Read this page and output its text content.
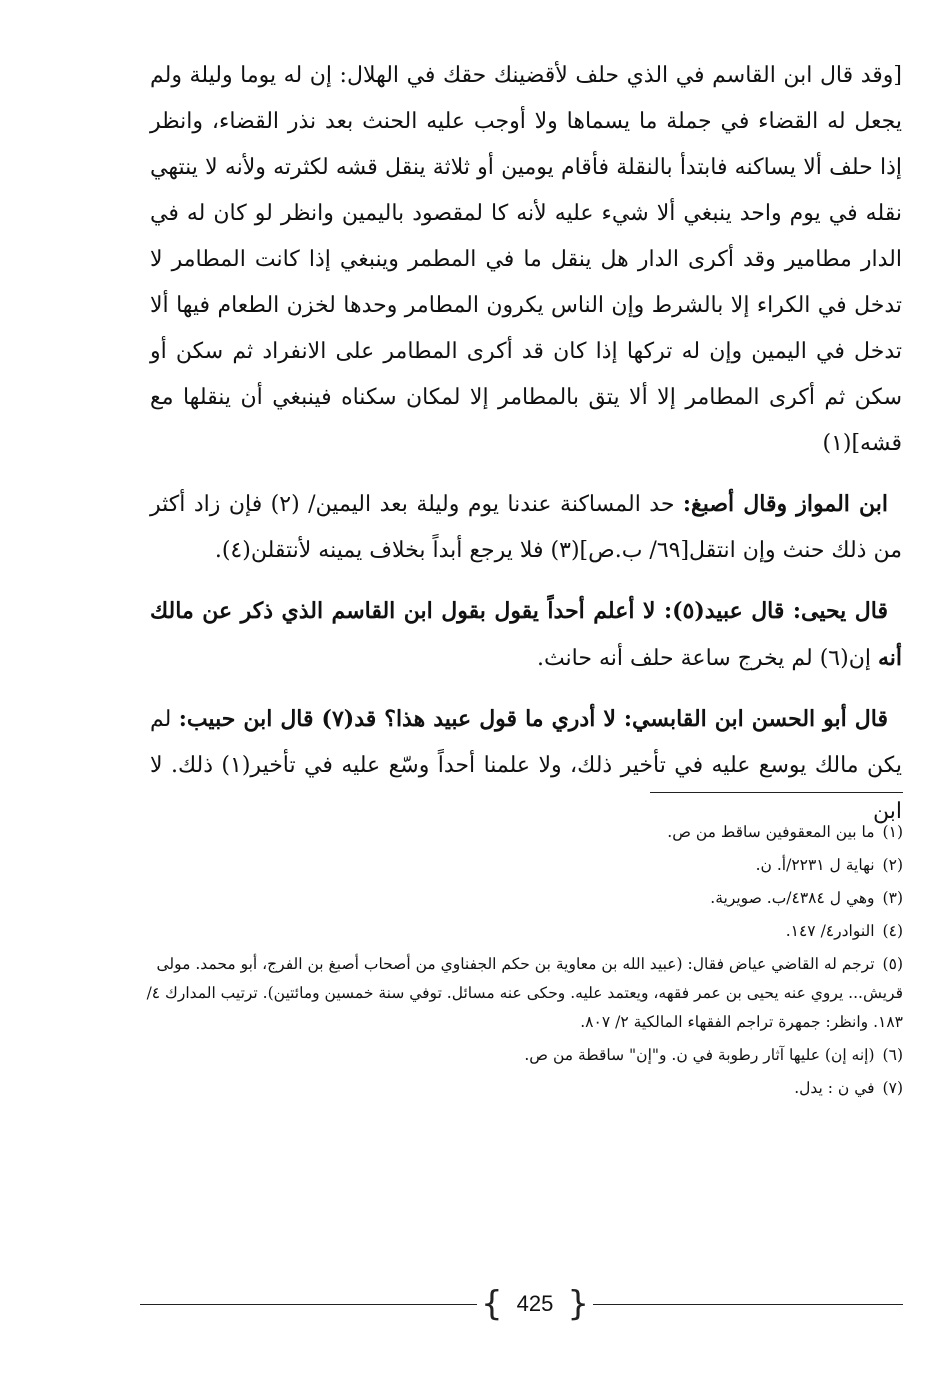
[وقد قال ابن القاسم في الذي حلف لأقضينك حقك في الهلال: إن له يوما وليلة ولم يجعل له القضاء في جملة ما يسماها ولا أوجب عليه الحنث بعد نذر القضاء، وانظر إذا حلف ألا يساكنه فابتدأ بالنقلة فأقام يومين أو ثلاثة ينقل قشه لكثرته ولأنه لا ينتهي نقله في يوم واحد ينبغي ألا شيء عليه لأنه كا لمقصود باليمين وانظر لو كان له في الدار مطامير وقد أكرى الدار هل ينقل ما في المطمر وينبغي إذا كانت المطامر لا تدخل في الكراء إلا بالشرط وإن الناس يكرون المطامر وحدها لخزن الطعام فيها ألا تدخل في اليمين وإن له تركها إذا كان قد أكرى المطامر على الانفراد ثم سكن أو سكن ثم أكرى المطامر إلا ألا يتق بالمطامر إلا لمكان سكناه فينبغي أن ينقلها مع قشه](١)

ابن المواز وقال أصبغ: حد المساكنة عندنا يوم وليلة بعد اليمين/ (٢) فإن زاد أكثر من ذلك حنث وإن انتقل[٦٩/ ب.ص](٣) فلا يرجع أبداً بخلاف يمينه لأنتقلن(٤).

قال يحيى: قال عبيد(٥): لا أعلم أحداً يقول بقول ابن القاسم الذي ذكر عن مالك أنه إن(٦) لم يخرج ساعة حلف أنه حانث.

قال أبو الحسن ابن القابسي: لا أدري ما قول عبيد هذا؟ قد(٧) قال ابن حبيب: لم يكن مالك يوسع عليه في تأخير ذلك، ولا علمنا أحداً وسّع عليه في تأخير(١) ذلك. لا ابن

(١)ما بين المعقوفين ساقط من ص.
(٢)نهاية ل ٢٢٣١/أ. ن.
(٣)وهي ل ٤٣٨٤/ب. صويرية.
(٤)النوادر٤/ ١٤٧.
(٥)ترجم له القاضي عياض فقال: (عبيد الله بن معاوية بن حكم الجفناوي من أصحاب أصبغ بن الفرج، أبو محمد. مولى قريش... يروي عنه يحيى بن عمر فقهه، ويعتمد عليه. وحكى عنه مسائل. توفي سنة خمسين ومائتين). ترتيب المدارك ٤/ ١٨٣. وانظر: جمهرة تراجم الفقهاء المالكية ٢/ ٨٠٧.
(٦)(إنه إن) عليها آثار رطوبة في ن. و"إن" ساقطة من ص.
(٧)في ن : يدل.
{ 425 }
